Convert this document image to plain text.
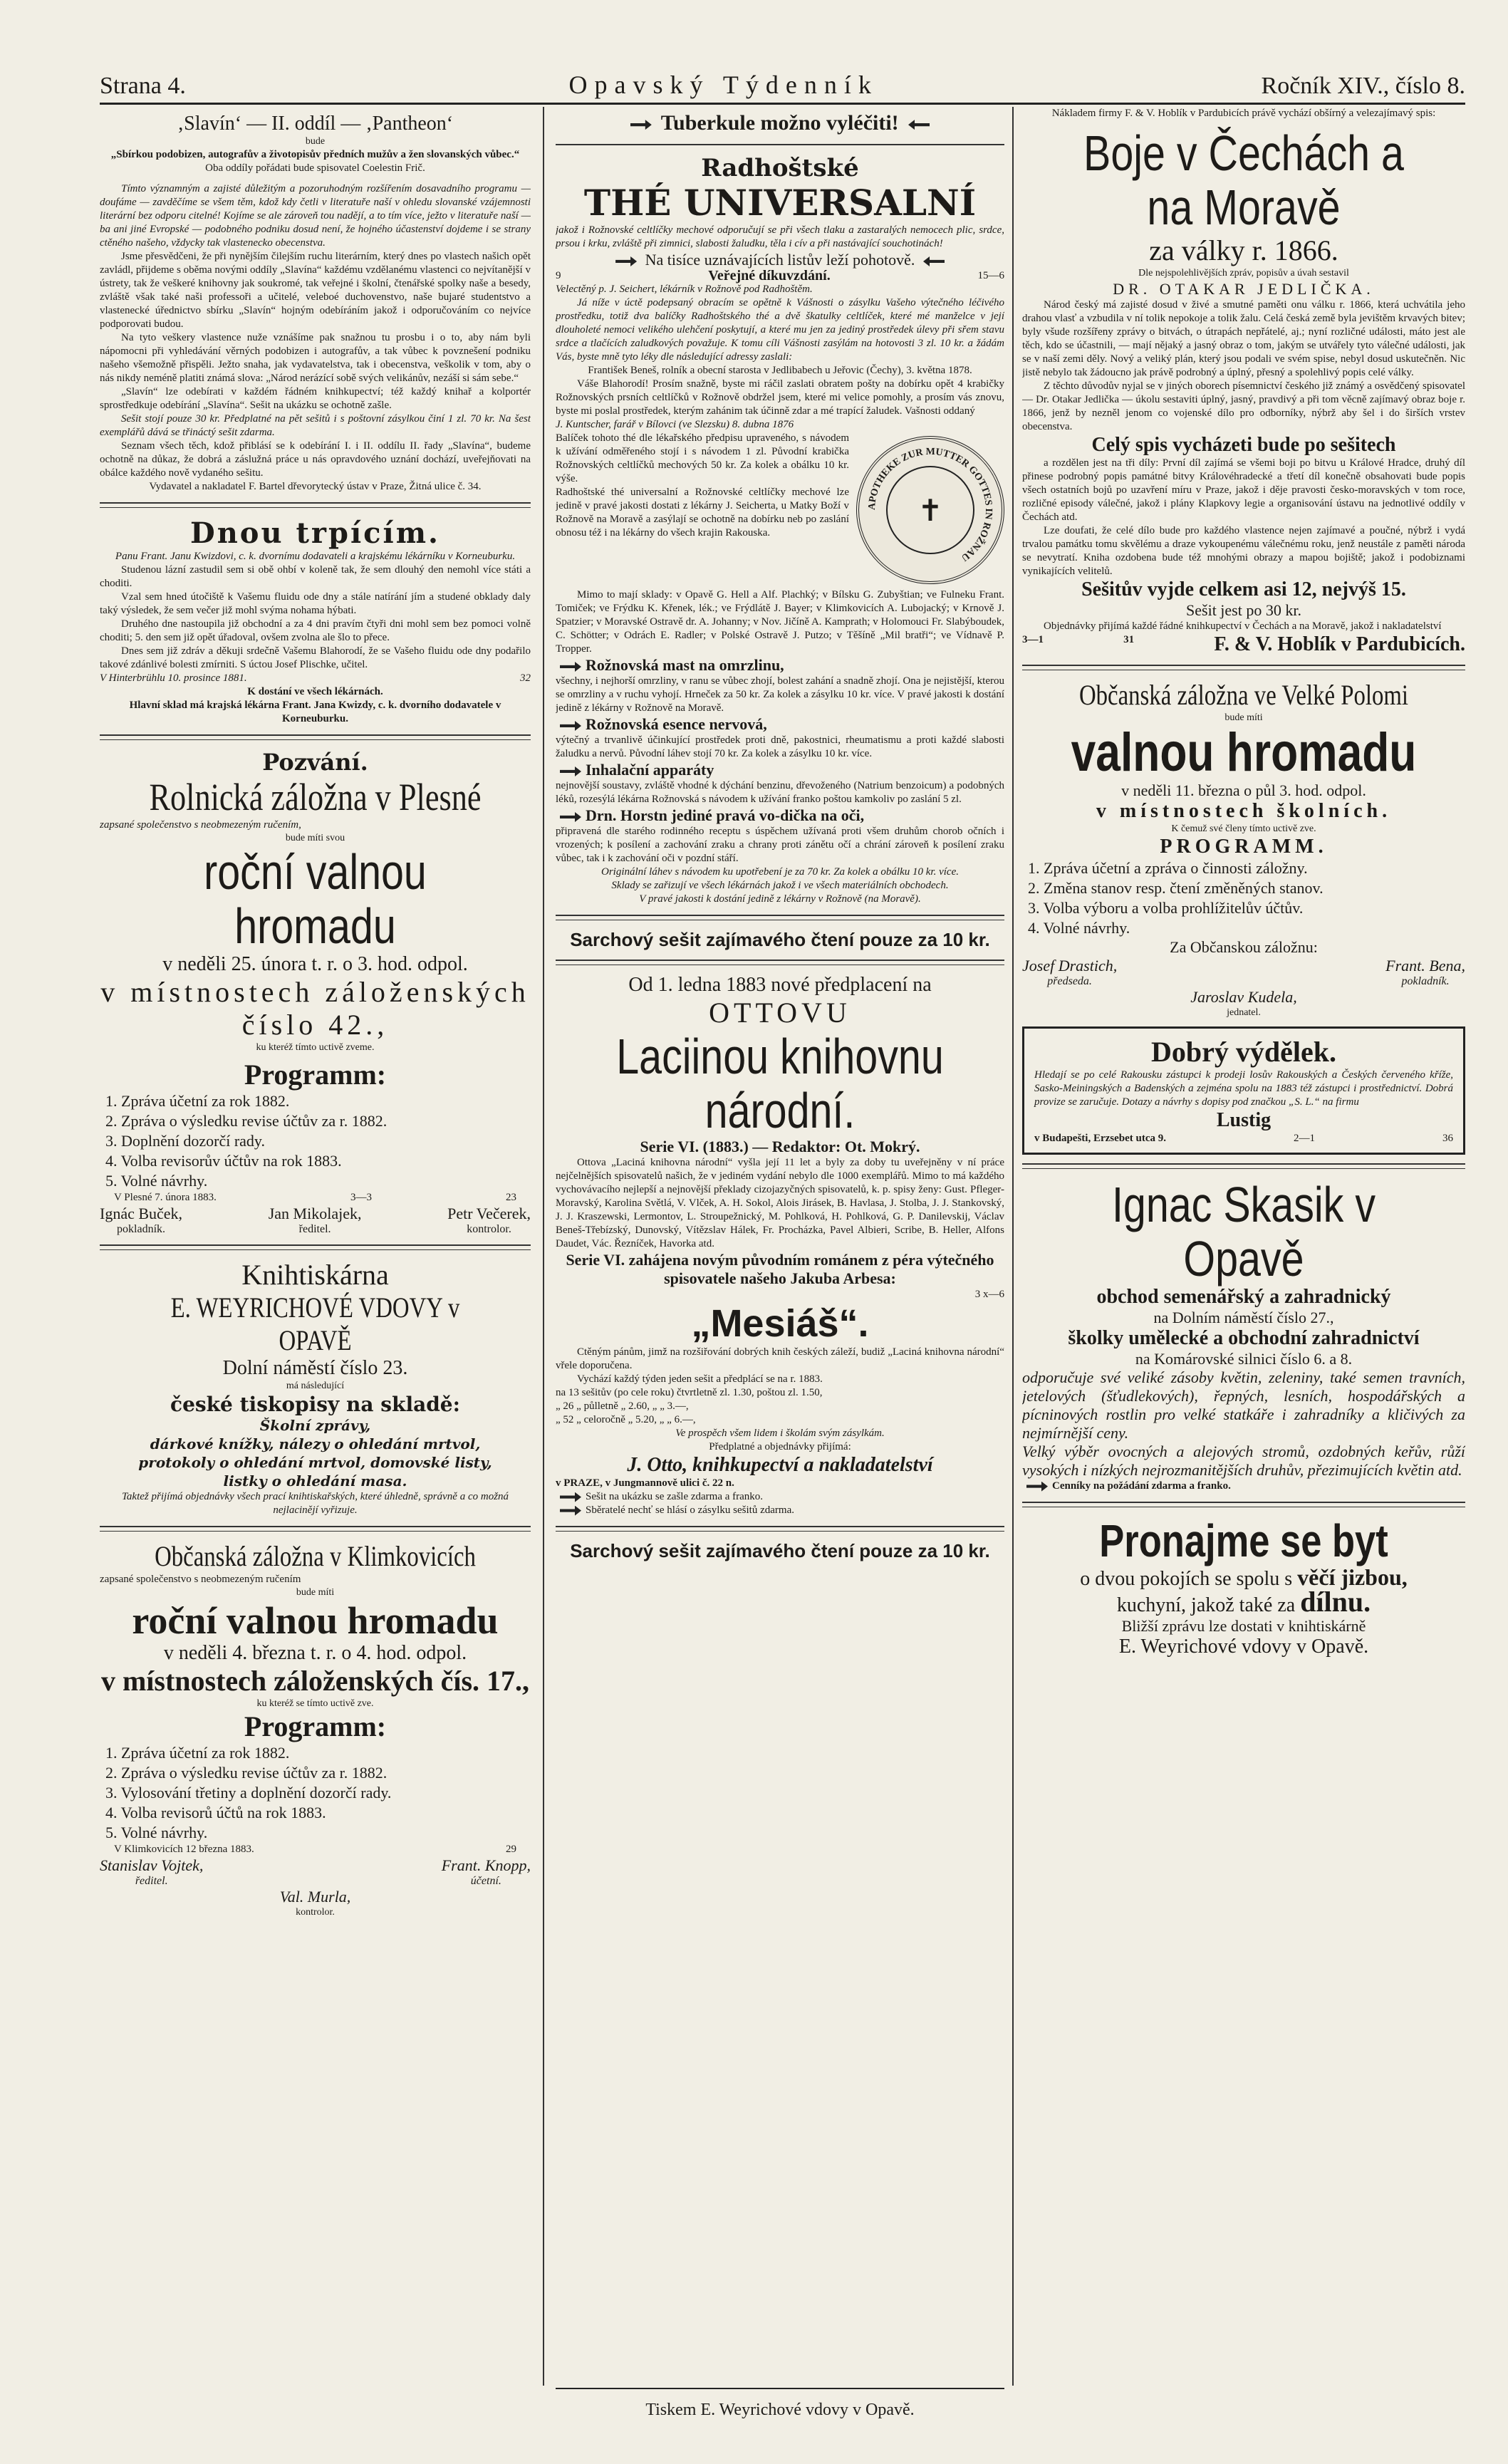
Strana 4.	Opavský Týdenník	Ročník XIV., číslo 8.
‚Slavín‘ — II. oddíl — ‚Pantheon‘
bude
„Sbírkou podobizen, autografův a životopisův předních mužův a žen slovanských vůbec.“
Oba oddíly pořádati bude spisovatel Coelestin Frič.
Tímto významným a zajisté důležitým a pozoruhodným rozšířením dosavadního programu — doufáme — zavděčíme se všem těm, kdož kdy četli v literatuře naší v ohledu slovanské vzájemnosti literární bez odporu citelné! Kojíme se ale zároveň tou nadějí, a to tím více, ježto v literatuře naší — ba ani jiné Evropské — podobného podniku dosud není, že hojného účastenství dojdeme i se strany ctěného našeho, vždycky tak vlastenecko obecenstva.
Jsme přesvědčeni, že při nynějším čilejším ruchu literárním, který dnes po vlastech našich opět zavládl, přijdeme s oběma novými oddíly „Slavína“ každému vzdělanému vlastenci co nejvítanější v ústrety, tak že veškeré knihovny jak soukromé, tak veřejné i školní, čtenářské spolky naše a besedy, zvláště však také naši professoři a učitelé, veleboé duchovenstvo, naše bujaré studentstvo a vlastenecké úřednictvo sbírku „Slavín“ hojným odebíráním jakož i odporučováním co nejvíce podporovati budou.
Na tyto veškery vlastence nuže vznášíme pak snažnou tu prosbu i o to, aby nám byli nápomocni při vyhledávání věrných podobizen i autografův, a tak vůbec k povznešení podniku našeho všemožně přispěli. Ježto snaha, jak vydavatelstva, tak i obecenstva, veškolik v tom, aby o nás nikdy neméně platiti známá slova: „Národ nerázící sobě svých velikánův, nezáší si sám sebe.“
„Slavín“ lze odebírati v každém řádném knihkupectví; též každý knihař a kolportér sprostředkuje odebírání „Slavína“. Sešit na ukázku se ochotně zašle.
Sešit stojí pouze 30 kr. Předplatné na pět sešitů i s poštovní zásylkou činí 1 zl. 70 kr. Na šest exemplářů dává se třináctý sešit zdarma.
Seznam všech těch, kdož přiblásí se k odebírání I. i II. oddílu II. řady „Slavína“, budeme ochotně na důkaz, že dobrá a záslužná práce u nás opravdového uznání dochází, uveřejňovati na obálce každého nově vydaného sešitu.
Vydavatel a nakladatel F. Bartel dřevorytecký ústav v Praze, Žitná ulice č. 34.
Dnou trpícím.
Panu Frant. Janu Kwizdovi, c. k. dvornímu dodavateli a krajskému lékárníku v Korneuburku.
Studenou lázní zastudil sem si obě ohbí v koleně tak, že sem dlouhý den nemohl více státi a choditi.
Vzal sem hned útočiště k Vašemu fluidu ode dny a stále natírání jím a studené obklady daly taký výsledek, že sem večer již mohl svýma nohama hýbati.
Druhého dne nastoupila již obchodní a za 4 dni pravím čtyři dni mohl sem bez pomoci volně choditi; 5. den sem již opět úřadoval, ovšem zvolna ale šlo to přece.
Dnes sem již zdráv a děkuji srdečně Vašemu Blahorodí, že se Vašeho fluidu ode dny podařilo takové zdánlivé bolesti zmírniti. S úctou Josef Plischke, učitel.
V Hinterbrühlu 10. prosince 1881.	32
K dostání ve všech lékárnách.
Hlavní sklad má krajská lékárna Frant. Jana Kwizdy, c. k. dvorního dodavatele v Korneuburku.
Pozvání.
Rolnická záložna v Plesné
zapsané společenstvo s neobmezeným ručením,
bude míti svou
roční valnou hromadu
v neděli 25. února t. r. o 3. hod. odpol.
v místnostech záloženských číslo 42.,
ku kteréž tímto uctivě zveme.
Programm:
1. Zpráva účetní za rok 1882.
2. Zpráva o výsledku revise účtův za r. 1882.
3. Doplnění dozorčí rady.
4. Volba revisorův účtův na rok 1883.
5. Volné návrhy.
V Plesné 7. února 1883.	3—3	23
Ignác Buček,
pokladník.
Jan Mikolajek,
ředitel.
Petr Večerek,
kontrolor.
Knihtiskárna
E. WEYRICHOVÉ VDOVY v OPAVĚ
Dolní náměstí číslo 23.
má následující
české tiskopisy na skladě:
Školní zprávy,
dárkové knížky, nálezy o ohledání mrtvol,
protokoly o ohledání mrtvol, domovské listy,
listky o ohledání masa.
Taktež přijímá objednávky všech prací knihtiskařských, které úhledně, správně a co možná nejlacinějí vyřizuje.
Občanská záložna v Klimkovicích
zapsané společenstvo s neobmezeným ručením
bude míti
roční valnou hromadu
v neděli 4. března t. r. o 4. hod. odpol.
v místnostech záloženských čís. 17.,
ku kteréž se tímto uctivě zve.
Programm:
1. Zpráva účetní za rok 1882.
2. Zpráva o výsledku revise účtův za r. 1882.
3. Vylosování třetiny a doplnění dozorčí rady.
4. Volba revisorů účtů na rok 1883.
5. Volné návrhy.
V Klimkovicích 12 března 1883.	29
Stanislav Vojtek,
ředitel.
Frant. Knopp,
účetní.
Val. Murla,
kontrolor.
Tuberkule možno vyléčiti!
Radhoštské
THÉ UNIVERSALNÍ
jakož i Rožnovské celtlíčky mechové odporučují se při všech tlaku a zastaralých nemocech plic, srdce, prsou i krku, zvláště při zimnici, slabosti žaludku, těla i cív a při nastávající souchotinách!
Na tisíce uznávajících listův leží pohotově.
9	Veřejné díkuvzdání.	15—6
Velectěný p. J. Seichert, lékárník v Rožnově pod Radhoštěm.
Já níže v úctě podepsaný obracím se opětně k Vášnosti o zásylku Vašeho výtečného léčivého prostředku, totiž dva balíčky Radhoštského thé a dvě škatulky celtlíček, které mé manželce v její dlouholeté nemoci velikého ulehčení poskytují, a které mu jen za jediný prostředek úlevy při sřem stavu srdce a tlačících zaludkových považuje. K tomu cíli Vášnosti zasýlám na hotovosti 3 zl. 10 kr. a žádám Vás, byste mně tyto léky dle následující adressy zaslali:
František Beneš, rolník a obecní starosta v Jedlibabech u Jeřovic (Čechy), 3. května 1878.
Váše Blahorodí! Prosím snažně, byste mi ráčil zaslati obratem pošty na dobírku opět 4 krabičky Rožnovských prsních celtlíčků v Rožnově obdržel jsem, které mi velice pomohly, a prosím vás znovu, byste mi poslal prostředek, kterým zahánim tak účinně zdar a mé trapící žaludek. Vašnosti oddaný
J. Kuntscher, farář v Bílovci (ve Slezsku) 8. dubna 1876
APOTHEKE ZUR MUTTER GOTTES IN ROŽNAU
✝
Balíček tohoto thé dle lékařského předpisu upraveného, s návodem k užívání odměřeného stojí i s návodem 1 zl. Původní krabička Rožnovských celtlíčků mechových 50 kr. Za kolek a obálku 10 kr. výše.
Radhoštské thé universalní a Rožnovské celtlíčky mechové lze jedině v pravé jakosti dostati z lékárny J. Seicherta, u Matky Boží v Rožnově na Moravě a zasýlají se ochotně na dobírku neb po zaslání obnosu též i na lékárny do všech krajin Rakouska.
Mimo to mají sklady: v Opavě G. Hell a Alf. Plachký; v Bílsku G. Zubyštian; ve Fulneku Frant. Tomiček; ve Frýdku K. Křenek, lék.; ve Frýdlátě J. Bayer; v Klimkovicích A. Lubojacký; v Krnově J. Spatzier; v Moravské Ostravě dr. A. Johanny; v Nov. Jičíně A. Kamprath; v Holomouci Fr. Slabýboudek, C. Schötter; v Odrách E. Radler; v Polské Ostravě J. Putzo; v Těšíně „Mil bratři“; ve Vídnavě P. Tropper.
Rožnovská mast na omrzlinu,
všechny, i nejhorší omrzliny, v ranu se vůbec zhojí, bolest zahání a snadně zhojí. Ona je nejistější, kterou se omrzliny a v ruchu vyhojí. Hrneček za 50 kr. Za kolek a zásylku 10 kr. více. V pravé jakosti k dostání jedině z lékárny v Rožnově na Moravě.
Rožnovská esence nervová,
výtečný a trvanlivě účinkující prostředek proti dně, pakostnici, rheumatismu a proti každé slabosti žaludku a nervů. Původní láhev stojí 70 kr. Za kolek a zásylku 10 kr. více.
Inhalační apparáty
nejnovější soustavy, zvláště vhodné k dýchání benzinu, dřevoženého (Natrium benzoicum) a podobných léků, rozesýlá lékárna Rožnovská s návodem k užívání franko poštou kamkoliv po zaslání 5 zl.
Drn. Horstn jediné pravá vo-dička na oči,
připravená dle starého rodinného receptu s úspěchem užívaná proti všem druhům chorob očních i vrozených; k posílení a zachování zraku a chrany proti zánětu očí a chrání zároveň k posílení zraku vůbec, tak i k zachování oči v pozdní stáří.
Originální láhev s návodem ku upotřebení je za 70 kr. Za kolek a obálku 10 kr. více.
Sklady se zařizují ve všech lékárnách jakož i ve všech materiálních obchodech.
V pravé jakosti k dostání jedině z lékárny v Rožnově (na Moravě).
Sarchový sešit zajímavého čtení pouze za 10 kr.
Od 1. ledna 1883 nové předplacení na
OTTOVU
Laciinou knihovnu národní.
Serie VI. (1883.) — Redaktor: Ot. Mokrý.
Ottova „Laciná knihovna národní“ vyšla její 11 let a byly za doby tu uveřejněny v ní práce nejčelnějších spisovatelů našich, že v jediném vydání nebylo dle 1000 exemplářů. Mimo to má každého vychovávacího nejlepší a nejnovější překlady cizojazyčných spisovatelů, k. p. spisy ženy: Gust. Pfleger-Moravský, Karolina Světlá, V. Vlček, A. H. Sokol, Alois Jirásek, B. Havlasa, J. Stolba, J. J. Stankovský, J. J. Kraszewski, Lermontov, L. Stroupežnický, M. Pohlková, H. Pohlková, G. P. Danilevskij, Václav Beneš-Třebízský, Dunovský, Vítězslav Hálek, Fr. Procházka, Pavel Albieri, Scribe, B. Heller, Alfons Daudet, Vác. Řezníček, Havorka atd.
Serie VI. zahájena novým původním románem z péra výtečného spisovatele našeho Jakuba Arbesa:
3 x—6
„Mesiáš“.
Ctěným pánům, jimž na rozšiřování dobrých knih českých záleží, budiž „Laciná knihovna národní“ vřele doporučena.
Vychází každý týden jeden sešit a předplácí se na r. 1883.
na 13 sešitův (po cele roku) čtvrtletně zl. 1.30, poštou zl. 1.50,
„ 26 „ půlletně „ 2.60, „ „ 3.—,
„ 52 „ celoročně „ 5.20, „ „ 6.—,
Ve prospěch všem lidem i školám svým zásylkám.
Předplatné a objednávky přijímá:
J. Otto, knihkupectví a nakladatelství
v PRAZE, v Jungmannově ulici č. 22 n.
Sešit na ukázku se zašle zdarma a franko.
Sběratelé nechť se hlásí o zásylku sešitů zdarma.
Sarchový sešit zajímavého čtení pouze za 10 kr.
Nákladem firmy F. & V. Hoblík v Pardubicích právě vychází obšírný a velezajímavý spis:
Boje v Čechách a na Moravě
za války r. 1866.
Dle nejspolehlivějších zpráv, popisův a úvah sestavil
DR. OTAKAR JEDLIČKA.
Národ český má zajisté dosud v živé a smutné paměti onu válku r. 1866, která uchvátila jeho drahou vlasť a vzbudila v ní tolik nepokoje a tolik žalu. Celá česká země byla jevištěm krvavých bitev; byly všude rozšířeny zprávy o bitvách, o útrapách nepřátelé, aj.; nyní rozličné události, máto jest ale těch, kdo se účastnili, — mají nějaký a jasný obraz o tom, jakým se utvářely tyto válečné události, jak se v naší zemi děly. Nový a veliký plán, který jsou podali ve svém spise, nebyl dosud uskutečněn. Nic jistě nebylo tak žádoucno jak právě podrobný a úplný, přesný a spolehlivý popis celé války.
Z těchto důvodův nyjal se v jiných oborech písemnictví českého již známý a osvědčený spisovatel — Dr. Otakar Jedlička — úkolu sestaviti úplný, jasný, pravdivý a při tom věcně zajímavý obraz boje r. 1866, jenž by nezněl jenom co vojenské dílo pro odborníky, nýbrž aby šel i do širších vrstev obecenstva.
Celý spis vycházeti bude po sešitech
a rozdělen jest na tři díly: První díl zajímá se všemi boji po bitvu u Králové Hradce, druhý díl přinese podrobný popis památné bitvy Královéhradecké a třetí díl konečně obsahovati bude popis všech ostatních bojů po uzavření míru v Praze, jakož i děje pravosti česko-moravských v tom roce, rozličné episody válečné, jakož i plány Klapkovy legie a organisování ústavu na jednotlivé oddíly v Čechách atd.
Lze doufati, že celé dílo bude pro každého vlastence nejen zajímavé a poučné, nýbrž i vydá trvalou památku tomu skvělému a draze vykoupenému válečnému roku, jenž neustále z paměti národa se nevytratí. Kniha ozdobena bude též mnohými obrazy a mapou bojiště; jakož i podobiznami vynikajících velitelů.
Sešitův vyjde celkem asi 12, nejvýš 15.
Sešit jest po 30 kr.
Objednávky přijímá každé řádné knihkupectví v Čechách a na Moravě, jakož i nakladatelství
3—1	31	F. & V. Hoblík v Pardubicích.
Občanská záložna ve Velké Polomi
bude míti
valnou hromadu
v neděli 11. března o půl 3. hod. odpol.
v místnostech školních.
K čemuž své členy tímto uctivě zve.
PROGRAMM.
1. Zpráva účetní a zpráva o činnosti záložny.
2. Změna stanov resp. čtení změněných stanov.
3. Volba výboru a volba prohlížitelův účtův.
4. Volné návrhy.
Za Občanskou záložnu:
Josef Drastich,
předseda.
Frant. Bena,
pokladník.
Jaroslav Kudela,
jednatel.
Dobrý výdělek.
Hledají se po celé Rakousku zástupci k prodeji losův Rakouských a Českých červeného kříže, Sasko-Meiningských a Badenských a zejména spolu na 1883 též zástupci i prostřednictví. Dobrá provize se zaručuje. Dotazy a návrhy s dopisy pod značkou „S. L.“ na firmu
Lustig
v Budapešti, Erzsebet utca 9.	2—1	36
Ignac Skasik v Opavě
obchod semenářský a zahradnický
na Dolním náměstí číslo 27.,
školky umělecké a obchodní zahradnictví
na Komárovské silnici číslo 6. a 8.
odporučuje své veliké zásoby květin, zeleniny, také semen travních, jetelových (šťudlekových), řepných, lesních, hospodářských a pícninových rostlin pro velké statkáře i zahradníky a kličivých za nejmírnější ceny.
Velký výběr ovocných a alejových stromů, ozdobných keřův, růží vysokých i nízkých nejrozmanitějších druhův, přezimujících květin atd.
Cenníky na požádání zdarma a franko.
Pronajme se byt
o dvou pokojích se spolu s věčí jizbou,
kuchyní, jakož také za dílnu.
Bližší zprávu lze dostati v knihtiskárně
E. Weyrichové vdovy v Opavě.
Tiskem E. Weyrichové vdovy v Opavě.
